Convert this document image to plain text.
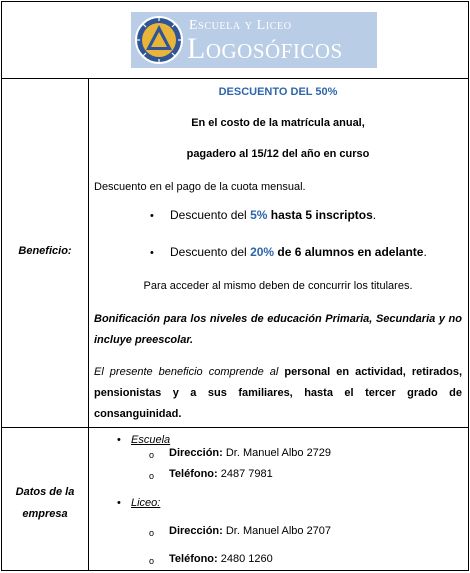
Escuela y Liceo
Logosóficos
Beneficio:
DESCUENTO DEL 50%
En el costo de la matrícula anual,
pagadero al 15/12 del año en curso
Descuento en el pago de la cuota mensual.
• Descuento del 5% hasta 5 inscriptos.
• Descuento del 20% de 6 alumnos en adelante.
Para acceder al mismo deben de concurrir los titulares.
Bonificación para los niveles de educación Primaria, Secundaria y no incluye preescolar.
El presente beneficio comprende al personal en actividad, retirados, pensionistas y a sus familiares, hasta el tercer grado de consanguinidad.
Datos de la empresa
• Escuela
o Dirección: Dr. Manuel Albo 2729
o Teléfono: 2487 7981
• Liceo:
o Dirección: Dr. Manuel Albo 2707
o Teléfono: 2480 1260
